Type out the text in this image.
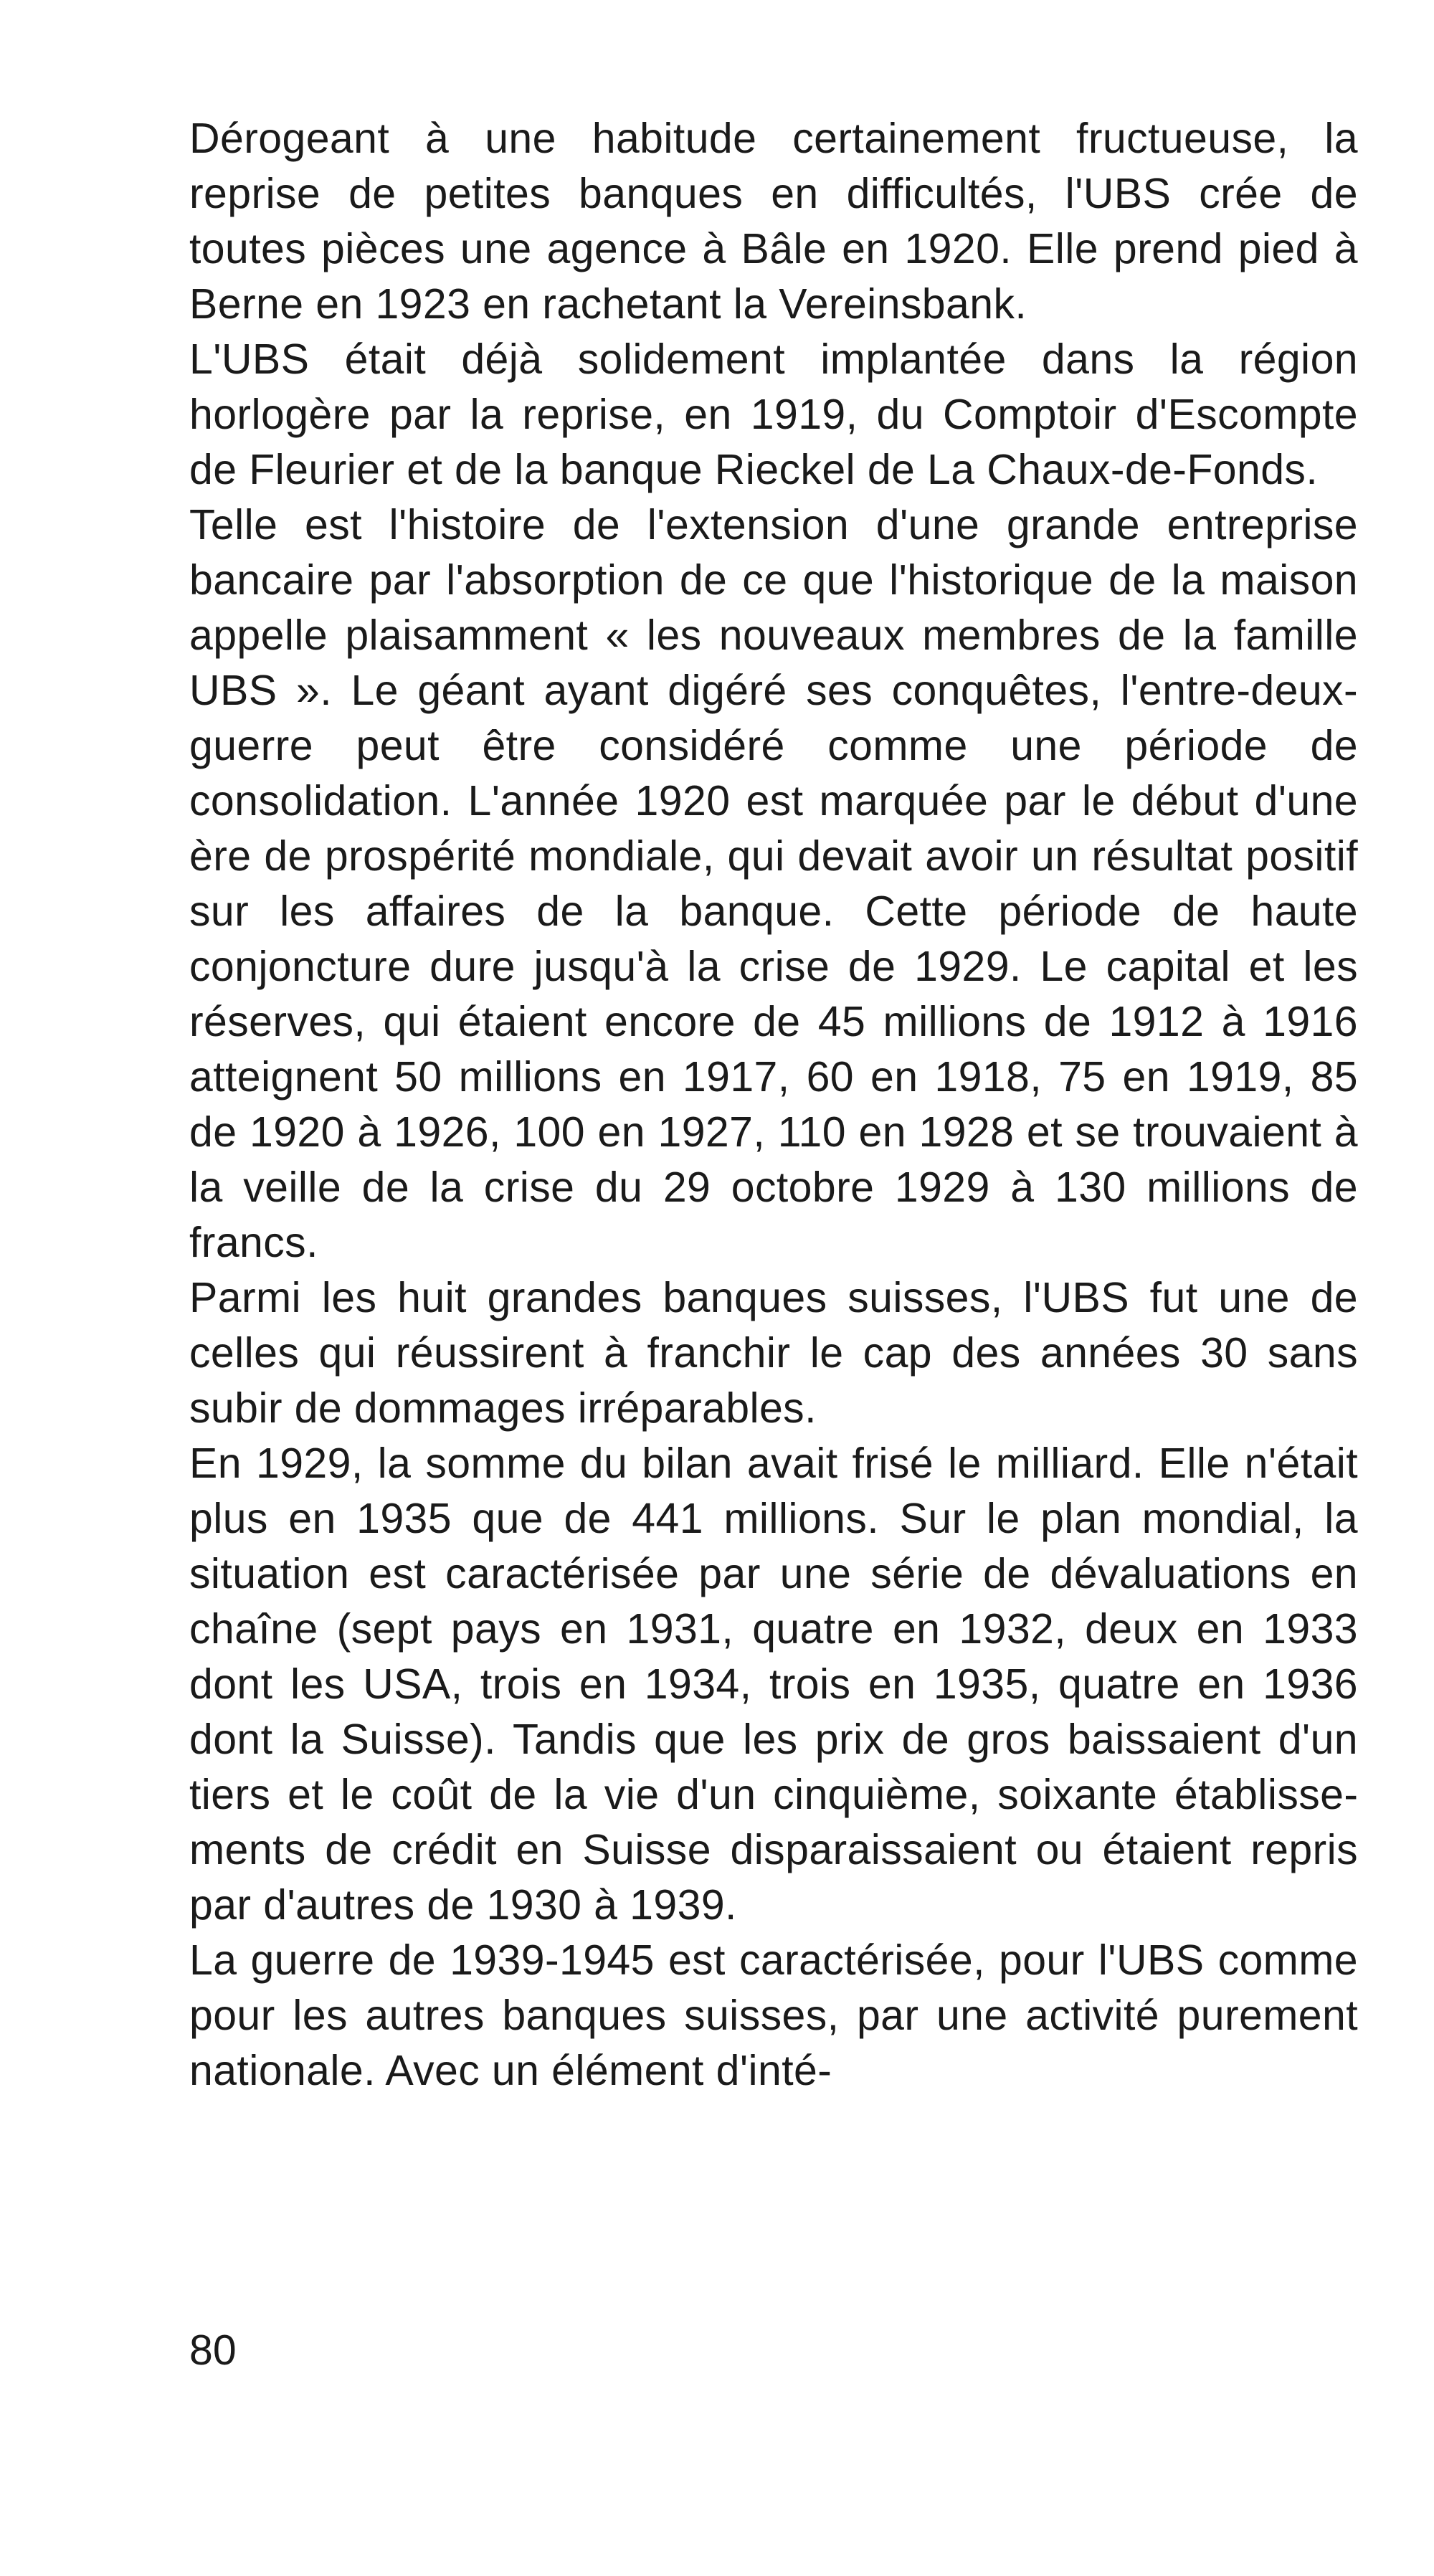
Dérogeant à une habitude certainement fructueuse, la reprise de petites banques en difficultés, l'UBS crée de toutes pièces une agence à Bâle en 1920. Elle prend pied à Berne en 1923 en rachetant la Vereinsbank.

L'UBS était déjà solidement implantée dans la région horlogère par la reprise, en 1919, du Comptoir d'Escompte de Fleurier et de la banque Rieckel de La Chaux-de-Fonds.

Telle est l'histoire de l'extension d'une grande entreprise bancaire par l'absorption de ce que l'historique de la maison appelle plaisamment « les nouveaux membres de la famille UBS ». Le géant ayant digéré ses conquêtes, l'entre-deux-guerre peut être considéré comme une période de consolidation. L'année 1920 est marquée par le début d'une ère de prospérité mondiale, qui devait avoir un résultat positif sur les affaires de la banque. Cette période de haute conjoncture dure jusqu'à la crise de 1929. Le capital et les réserves, qui étaient encore de 45 millions de 1912 à 1916 atteignent 50 millions en 1917, 60 en 1918, 75 en 1919, 85 de 1920 à 1926, 100 en 1927, 110 en 1928 et se trouvaient à la veille de la crise du 29 octobre 1929 à 130 millions de francs.

Parmi les huit grandes banques suisses, l'UBS fut une de celles qui réussirent à franchir le cap des années 30 sans subir de dommages irréparables.

En 1929, la somme du bilan avait frisé le milliard. Elle n'était plus en 1935 que de 441 millions. Sur le plan mondial, la situation est caractérisée par une série de dévaluations en chaîne (sept pays en 1931, quatre en 1932, deux en 1933 dont les USA, trois en 1934, trois en 1935, quatre en 1936 dont la Suisse). Tandis que les prix de gros baissaient d'un tiers et le coût de la vie d'un cinquième, soixante établissements de crédit en Suisse disparaissaient ou étaient repris par d'autres de 1930 à 1939.

La guerre de 1939-1945 est caractérisée, pour l'UBS comme pour les autres banques suisses, par une activité purement nationale. Avec un élément d'inté-

80
